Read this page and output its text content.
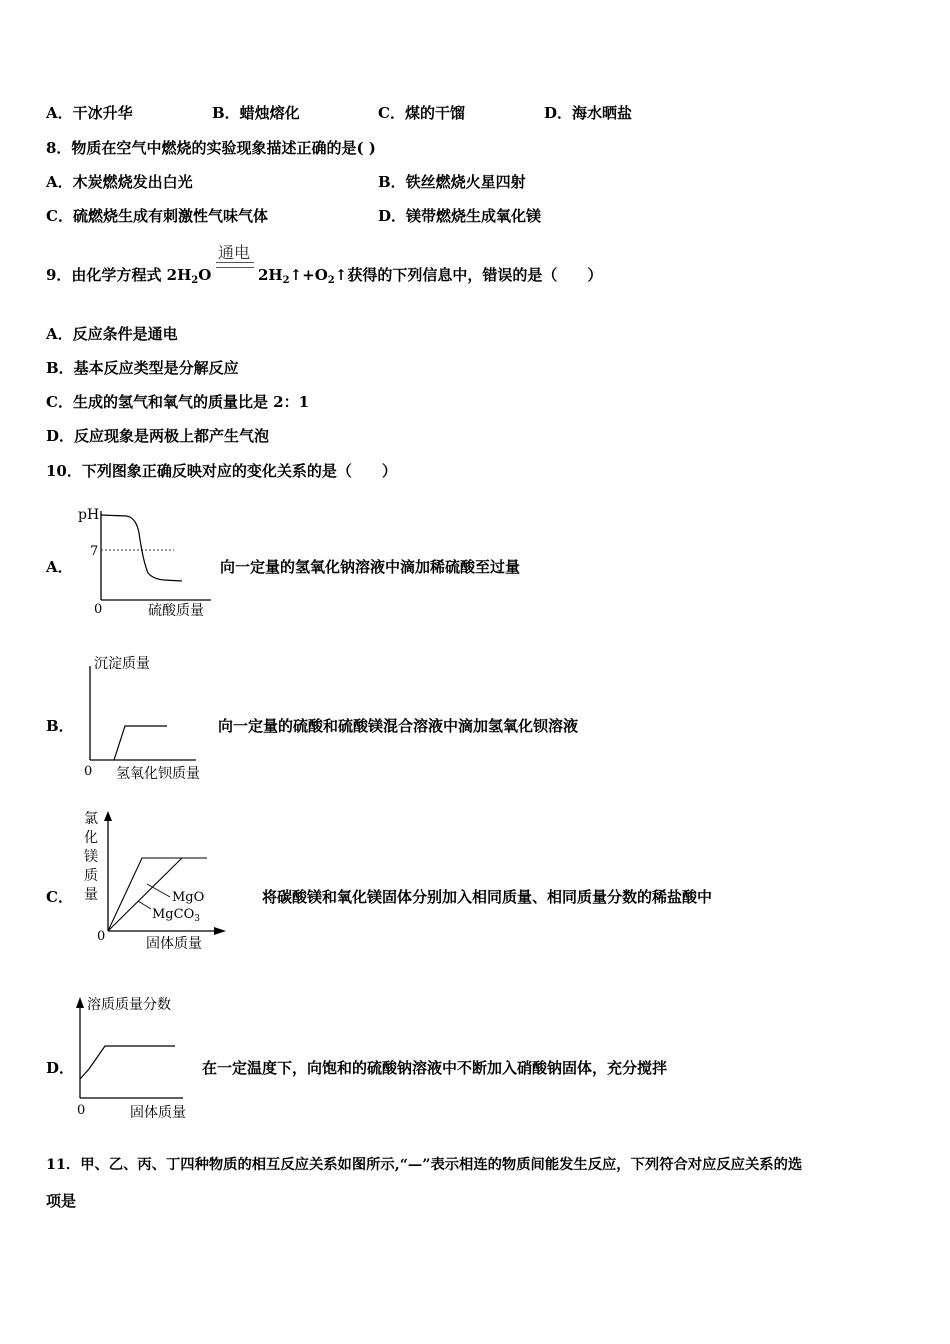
A．干冰升华	B．蜡烛熔化	C．煤的干馏	D．海水晒盐
8．物质在空气中燃烧的实验现象描述正确的是( )
A．木炭燃烧发出白光	B．铁丝燃烧火星四射
C．硫燃烧生成有刺激性气味气体	D．镁带燃烧生成氧化镁
9．由化学方程式 $2H_2O$
通电
$2H_2↑+O_2↑$获得的下列信息中，错误的是（　　）
A．反应条件是通电
B．基本反应类型是分解反应
C．生成的氢气和氧气的质量比是 2：1
D．反应现象是两极上都产生气泡
10．下列图象正确反映对应的变化关系的是（　　）
A．
pH
7
0	硫酸质量
向一定量的氢氧化钠溶液中滴加稀硫酸至过量
B．
沉淀质量
0 氢氧化钡质量
向一定量的硫酸和硫酸镁混合溶液中滴加氢氧化钡溶液
C．
氯
化
镁
质
量	MgO
MgCO$_3$
0	固体质量
将碳酸镁和氧化镁固体分别加入相同质量、相同质量分数的稀盐酸中
D．
溶质质量分数
0	固体质量
在一定温度下，向饱和的硫酸钠溶液中不断加入硝酸钠固体，充分搅拌
11．甲、乙、丙、丁四种物质的相互反应关系如图所示,“—”表示相连的物质间能发生反应，下列符合对应反应关系的选
项是
